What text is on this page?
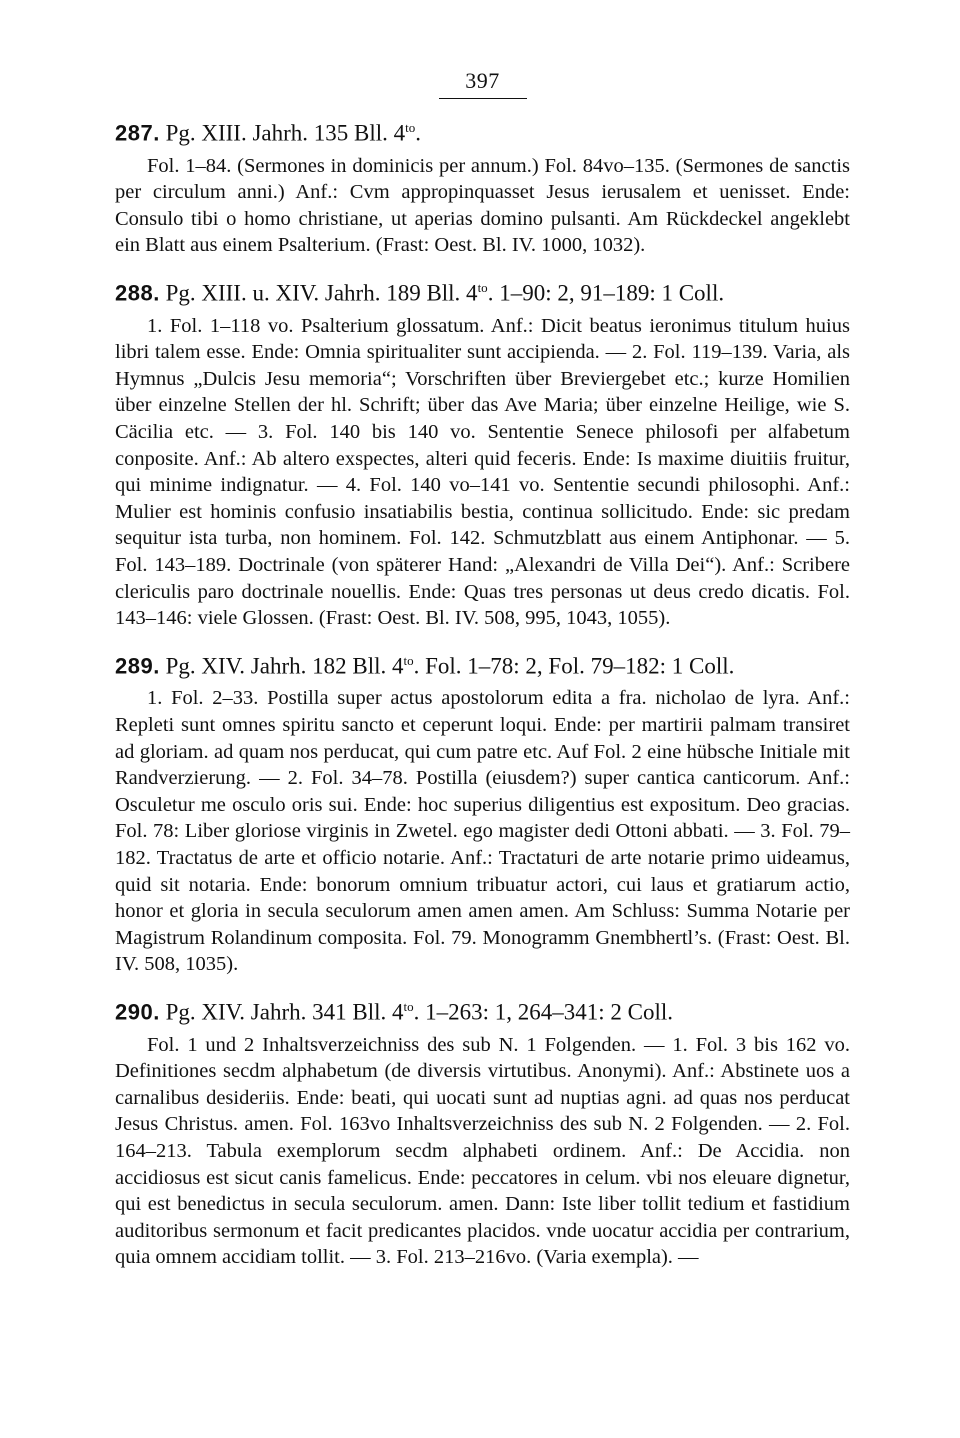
397
287. Pg. XIII. Jahrh. 135 Bll. $4^{to}$.

Fol. 1–84. (Sermones in dominicis per annum.) Fol. 84vo–135. (Sermones de sanctis per circulum anni.) Anf.: Cvm appropinquasset Jesus ierusalem et uenisset. Ende: Consulo tibi o homo christiane, ut aperias domino pulsanti. Am Rückdeckel angeklebt ein Blatt aus einem Psalterium. (Frast: Oest. Bl. IV. 1000, 1032).

288. Pg. XIII. u. XIV. Jahrh. 189 Bll. $4^{to}$. 1–90: 2, 91–189: 1 Coll.

1. Fol. 1–118 vo. Psalterium glossatum. Anf.: Dicit beatus ieronimus titulum huius libri talem esse. Ende: Omnia spiritualiter sunt accipienda. — 2. Fol. 119–139. Varia, als Hymnus „Dulcis Jesu memoria“; Vorschriften über Breviergebet etc.; kurze Homilien über einzelne Stellen der hl. Schrift; über das Ave Maria; über einzelne Heilige, wie S. Cäcilia etc. — 3. Fol. 140 bis 140 vo. Sententie Senece philosofi per alfabetum conposite. Anf.: Ab altero exspectes, alteri quid feceris. Ende: Is maxime diuitiis fruitur, qui minime indignatur. — 4. Fol. 140 vo–141 vo. Sententie secundi philosophi. Anf.: Mulier est hominis confusio insatiabilis bestia, continua sollicitudo. Ende: sic predam sequitur ista turba, non hominem. Fol. 142. Schmutzblatt aus einem Antiphonar. — 5. Fol. 143–189. Doctrinale (von späterer Hand: „Alexandri de Villa Dei“). Anf.: Scribere clericulis paro doctrinale nouellis. Ende: Quas tres personas ut deus credo dicatis. Fol. 143–146: viele Glossen. (Frast: Oest. Bl. IV. 508, 995, 1043, 1055).

289. Pg. XIV. Jahrh. 182 Bll. $4^{to}$. Fol. 1–78: 2, Fol. 79–182: 1 Coll.

1. Fol. 2–33. Postilla super actus apostolorum edita a fra. nicholao de lyra. Anf.: Repleti sunt omnes spiritu sancto et ceperunt loqui. Ende: per martirii palmam transiret ad gloriam. ad quam nos perducat, qui cum patre etc. Auf Fol. 2 eine hübsche Initiale mit Randverzierung. — 2. Fol. 34–78. Postilla (eiusdem?) super cantica canticorum. Anf.: Osculetur me osculo oris sui. Ende: hoc superius diligentius est expositum. Deo gracias. Fol. 78: Liber gloriose virginis in Zwetel. ego magister dedi Ottoni abbati. — 3. Fol. 79–182. Tractatus de arte et officio notarie. Anf.: Tractaturi de arte notarie primo uideamus, quid sit notaria. Ende: bonorum omnium tribuatur actori, cui laus et gratiarum actio, honor et gloria in secula seculorum amen amen amen. Am Schluss: Summa Notarie per Magistrum Rolandinum composita. Fol. 79. Monogramm Gnembhertl’s. (Frast: Oest. Bl. IV. 508, 1035).

290. Pg. XIV. Jahrh. 341 Bll. $4^{to}$. 1–263: 1, 264–341: 2 Coll.

Fol. 1 und 2 Inhaltsverzeichniss des sub N. 1 Folgenden. — 1. Fol. 3 bis 162 vo. Definitiones secdm alphabetum (de diversis virtutibus. Anonymi). Anf.: Abstinete uos a carnalibus desideriis. Ende: beati, qui uocati sunt ad nuptias agni. ad quas nos perducat Jesus Christus. amen. Fol. 163vo Inhaltsverzeichniss des sub N. 2 Folgenden. — 2. Fol. 164–213. Tabula exemplorum secdm alphabeti ordinem. Anf.: De Accidia. non accidiosus est sicut canis famelicus. Ende: peccatores in celum. vbi nos eleuare dignetur, qui est benedictus in secula seculorum. amen. Dann: Iste liber tollit tedium et fastidium auditoribus sermonum et facit predicantes placidos. vnde uocatur accidia per contrarium, quia omnem accidiam tollit. — 3. Fol. 213–216vo. (Varia exempla). —
